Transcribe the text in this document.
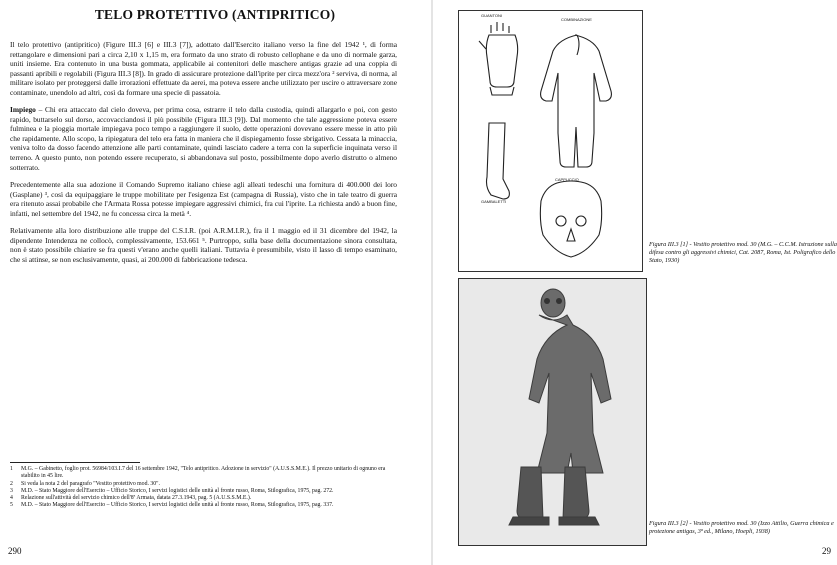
TELO PROTETTIVO (ANTIPRITICO)

Il telo protettivo (antipritico) (Figure III.3 [6] e III.3 [7]), adottato dall'Esercito italiano verso la fine del 1942 ¹, di forma rettangolare e dimensioni pari a circa 2,10 x 1,15 m, era formato da uno strato di robusto cellophane e da uno di normale garza, uniti insieme. Era contenuto in una busta gommata, applicabile ai contenitori delle maschere antigas grazie ad una coppia di passanti apribili e regolabili (Figura III.3 [8]). In grado di assicurare protezione dall'iprite per circa mezz'ora ² serviva, di norma, al militare isolato per proteggersi dalle irrorazioni effettuate da aerei, ma poteva essere anche utilizzato per uscire o attraversare zone contaminate, unendolo ad altri, così da formare una specie di passatoia.

Impiego – Chi era attaccato dal cielo doveva, per prima cosa, estrarre il telo dalla custodia, quindi allargarlo e poi, con gesto rapido, buttarselo sul dorso, accovacciandosi il più possibile (Figura III.3 [9]). Dal momento che tale aggressione poteva essere fulminea e la pioggia mortale impiegava poco tempo a raggiungere il suolo, dette operazioni dovevano essere messe in atto più che rapidamente. Allo scopo, la ripiegatura del telo era fatta in maniera che il dispiegamento fosse sbrigativo. Cessata la minaccia, veniva tolto da dosso facendo attenzione alle parti contaminate, quindi lasciato cadere a terra con la superficie inquinata verso il terreno. A questo punto, non potendo essere recuperato, si abbandonava sul posto, possibilmente dopo averlo distrutto o almeno sotterrato.

Precedentemente alla sua adozione il Comando Supremo italiano chiese agli alleati tedeschi una fornitura di 400.000 dei loro (Gasplane) ³, così da equipaggiare le truppe mobilitate per l'esigenza Est (campagna di Russia), visto che in tale teatro di guerra era ritenuto assai probabile che l'Armata Rossa potesse impiegare aggressivi chimici, fra cui l'iprite. La richiesta andò a buon fine, infatti, nel settembre del 1942, ne fu concessa circa la metà ⁴.

Relativamente alla loro distribuzione alle truppe del C.S.I.R. (poi A.R.M.I.R.), fra il 1 maggio ed il 31 dicembre del 1942, la dipendente Intendenza ne collocò, complessivamente, 153.661 ⁵. Purtroppo, sulla base della documentazione sinora consultata, non è stato possibile chiarire se fra questi v'erano anche quelli italiani. Tuttavia è presumibile, visto il lasso di tempo esaminato, che si attinse, se non esclusivamente, quasi, ai 200.000 di fabbricazione tedesca.

1	M.G. – Gabinetto, foglio prot. 56984/103.I.7 del 16 settembre 1942, "Telo antipritico. Adozione in servizio" (A.U.S.S.M.E.). Il prezzo unitario di ognuno era stabilito in 45 lire.
2	Si veda la nota 2 del paragrafo "Vestito protettivo mod. 30".
3	M.D. – Stato Maggiore dell'Esercito – Ufficio Storico, I servizi logistici delle unità al fronte russo, Roma, Stilografica, 1975, pag. 272.
4	Relazione sull'attività del servizio chimico dell'8ª Armata, datata 27.3.1943, pag. 5 (A.U.S.S.M.E.).
5	M.D. – Stato Maggiore dell'Esercito – Ufficio Storico, I servizi logistici delle unità al fronte russo, Roma, Stilografica, 1975, pag. 337.
290
GUANTONI
COMBINAZIONE
GAMBALETTI
CAPPUCCIO
Figura III.3 [1] - Vestito protettivo mod. 30 (M.G. – C.C.M. Istruzione sulla difesa contro gli aggressivi chimici, Cat. 2087, Roma, Ist. Poligrafico dello Stato, 1930)
Figura III.3 [2] - Vestito protettivo mod. 30 (Izzo Attilio, Guerra chimica e protezione antigas, 3ª ed., Milano, Hoepli, 1938)
29
